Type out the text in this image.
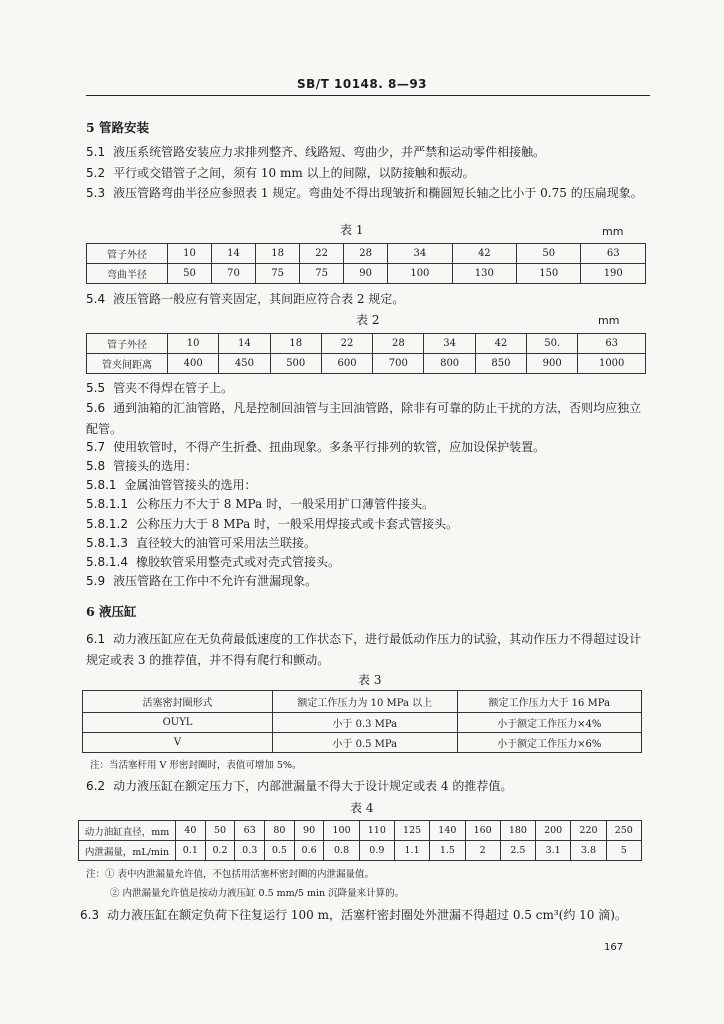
SB/T 10148. 8—93
5 管路安装
5.1 液压系统管路安装应力求排列整齐、线路短、弯曲少，并严禁和运动零件相接触。
5.2 平行或交错管子之间，须有 10 mm 以上的间隙，以防接触和振动。
5.3 液压管路弯曲半径应参照表 1 规定。弯曲处不得出现皱折和椭圆短长轴之比小于 0.75 的压扁现象。
表 1	mm
管子外径	10	14	18	22	28	34	42	50	63
弯曲半径	50	70	75	75	90	100	130	150	190
5.4 液压管路一般应有管夹固定，其间距应符合表 2 规定。
表 2	mm
管子外径	10	14	18	22	28	34	42	50.	63
管夹间距离	400	450	500	600	700	800	850	900	1000
5.5 管夹不得焊在管子上。
5.6 通到油箱的汇油管路，凡是控制回油管与主回油管路，除非有可靠的防止干扰的方法，否则均应独立配管。
5.7 使用软管时，不得产生折叠、扭曲现象。多条平行排列的软管，应加设保护装置。
5.8 管接头的选用：
5.8.1 金属油管管接头的选用：
5.8.1.1 公称压力不大于 8 MPa 时，一般采用扩口薄管件接头。
5.8.1.2 公称压力大于 8 MPa 时，一般采用焊接式或卡套式管接头。
5.8.1.3 直径较大的油管可采用法兰联接。
5.8.1.4 橡胶软管采用整壳式或对壳式管接头。
5.9 液压管路在工作中不允许有泄漏现象。
6 液压缸
6.1 动力液压缸应在无负荷最低速度的工作状态下，进行最低动作压力的试验，其动作压力不得超过设计规定或表 3 的推荐值，并不得有爬行和颤动。
表 3
活塞密封圈形式	额定工作压力为 10 MPa 以上	额定工作压力大于 16 MPa
OUYL	小于 0.3 MPa	小于额定工作压力×4%
V	小于 0.5 MPa	小于额定工作压力×6%
注：当活塞杆用 V 形密封圈时，表值可增加 5%。
6.2 动力液压缸在额定压力下，内部泄漏量不得大于设计规定或表 4 的推荐值。
表 4
动力油缸直径，mm	40	50	63	80	90	100	110	125	140	160	180	200	220	250
内泄漏量，mL/min	0.1	0.2	0.3	0.5	0.6	0.8	0.9	1.1	1.5	2	2.5	3.1	3.8	5
注：① 表中内泄漏量允许值，不包括用活塞杯密封圈的内泄漏量值。
② 内泄漏量允许值是按动力液压缸 0.5 mm/5 min 沉降量来计算的。
6.3 动力液压缸在额定负荷下往复运行 100 m，活塞杆密封圈处外泄漏不得超过 0.5 cm³(约 10 滴)。
167
